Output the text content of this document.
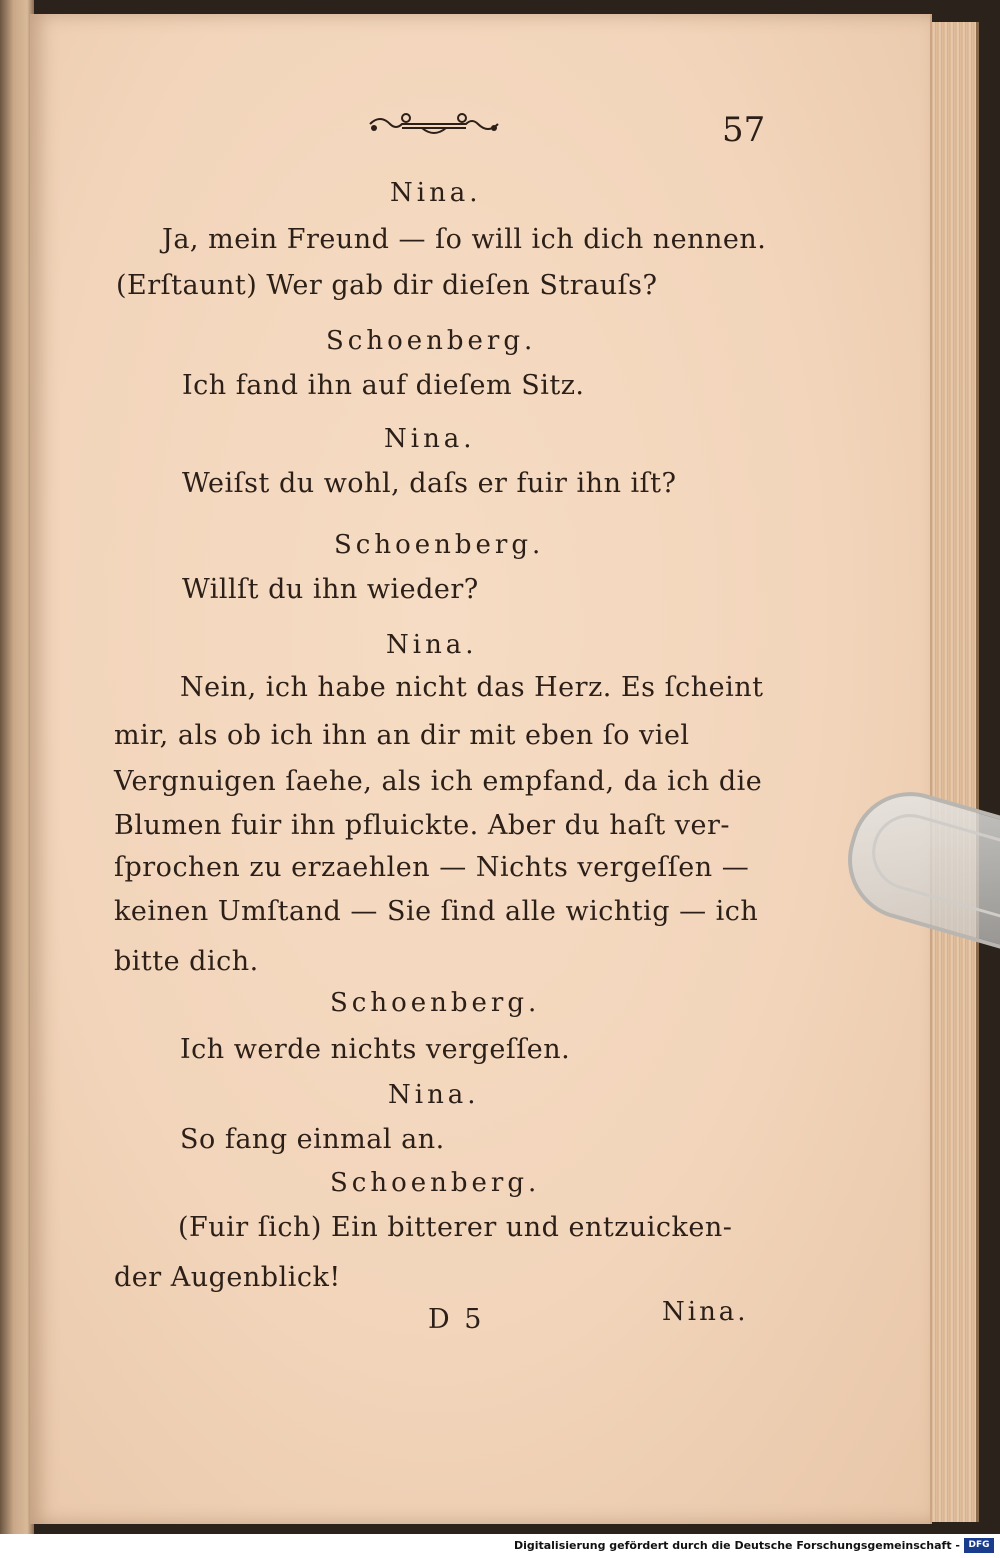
57
Nina.
Ja, mein Freund — ſo will ich dich nennen.
(Erſtaunt) Wer gab dir dieſen Strauſs?
Schoenberg.
Ich fand ihn auf dieſem Sitz.
Nina.
Weiſst du wohl, daſs er fuir ihn iſt?
Schoenberg.
Willſt du ihn wieder?
Nina.
Nein, ich habe nicht das Herz. Es ſcheint
mir, als ob ich ihn an dir mit eben ſo viel
Vergnuigen ſaehe, als ich empfand, da ich die
Blumen fuir ihn pfluickte. Aber du haſt ver-
ſprochen zu erzaehlen — Nichts vergeſſen —
keinen Umſtand — Sie ſind alle wichtig — ich
bitte dich.
Schoenberg.
Ich werde nichts vergeſſen.
Nina.
So fang einmal an.
Schoenberg.
(Fuir ſich) Ein bitterer und entzuicken-
der Augenblick!
D 5	Nina.
Digitalisierung gefördert durch die Deutsche Forschungsgemeinschaft - DFG
